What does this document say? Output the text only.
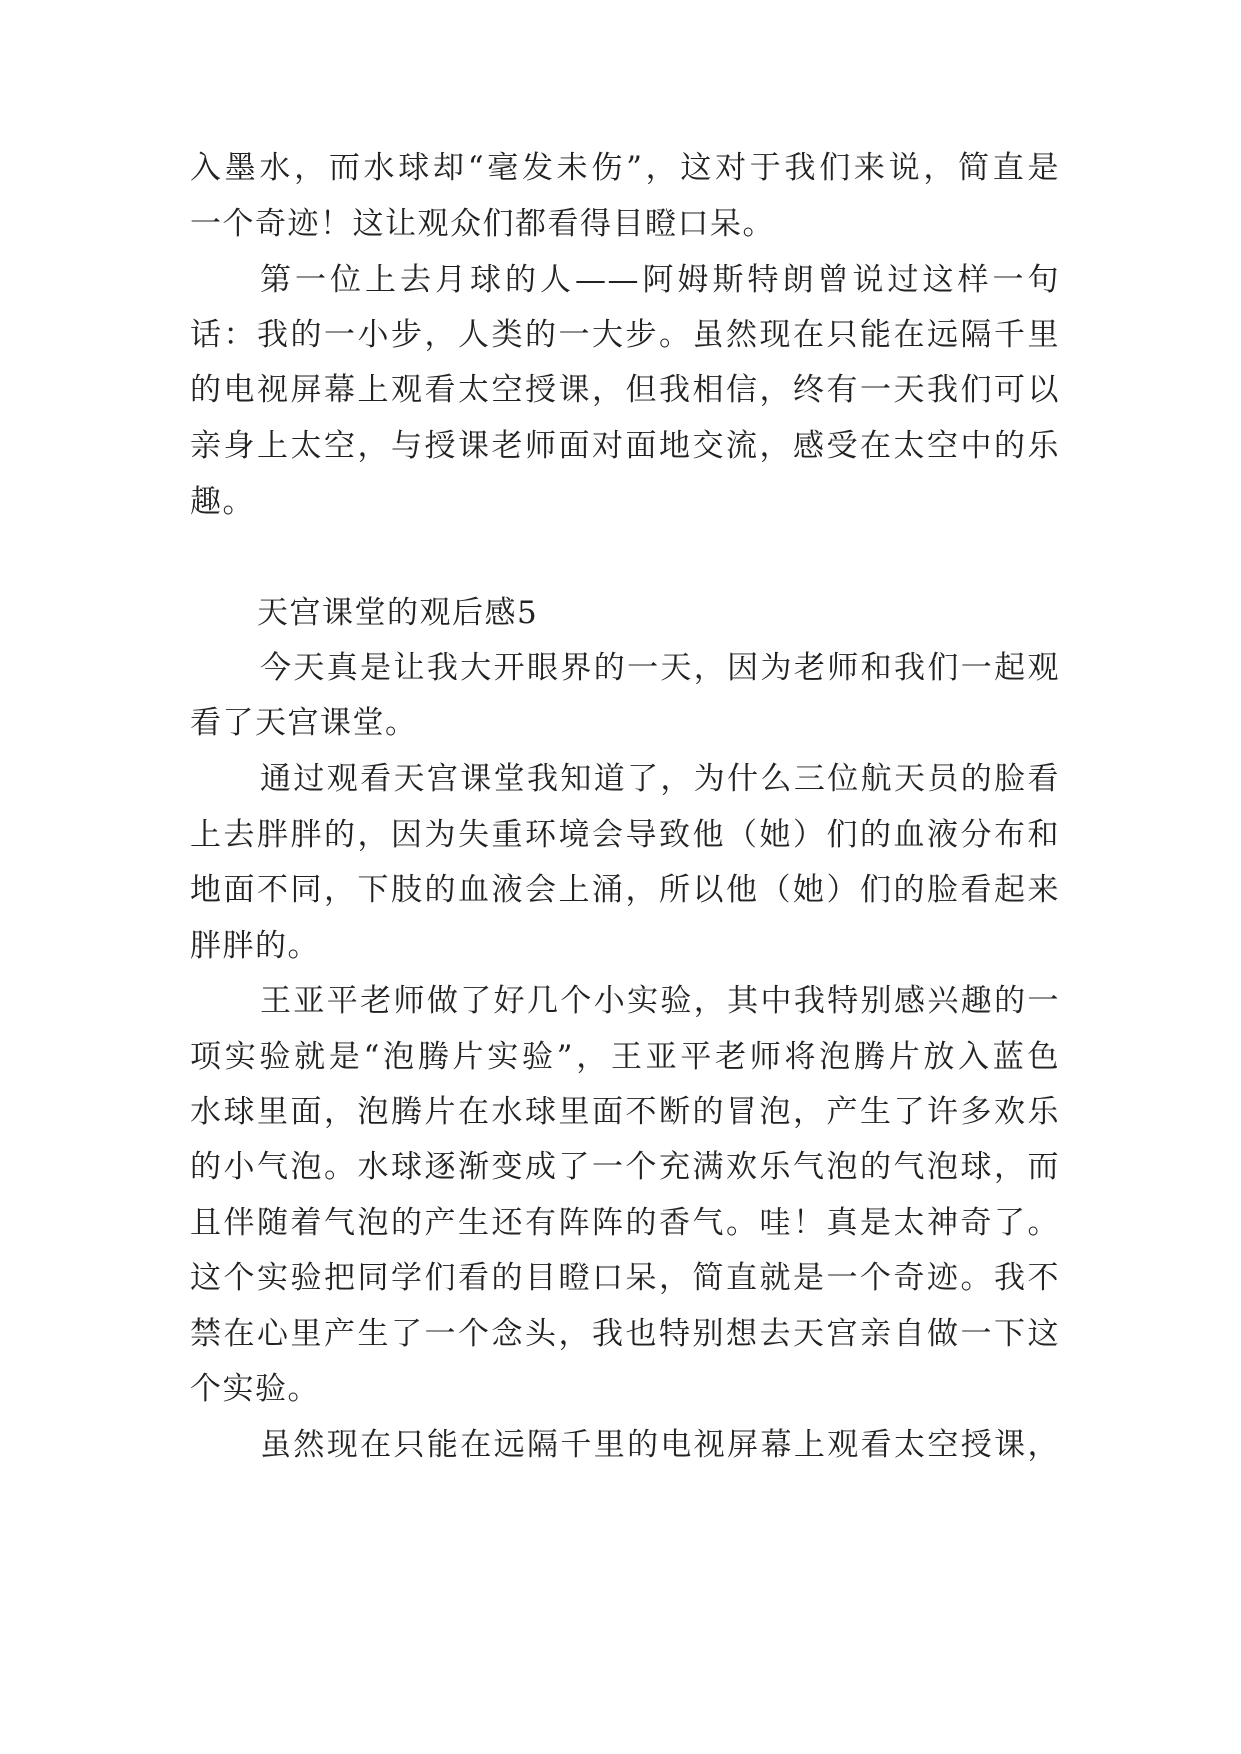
入墨水，而水球却“毫发未伤”，这对于我们来说，简直是
一个奇迹！这让观众们都看得目瞪口呆。
第一位上去月球的人——阿姆斯特朗曾说过这样一句
话：我的一小步，人类的一大步。虽然现在只能在远隔千里
的电视屏幕上观看太空授课，但我相信，终有一天我们可以
亲身上太空，与授课老师面对面地交流，感受在太空中的乐
趣。
天宫课堂的观后感5
今天真是让我大开眼界的一天，因为老师和我们一起观
看了天宫课堂。
通过观看天宫课堂我知道了，为什么三位航天员的脸看
上去胖胖的，因为失重环境会导致他（她）们的血液分布和
地面不同，下肢的血液会上涌，所以他（她）们的脸看起来
胖胖的。
王亚平老师做了好几个小实验，其中我特别感兴趣的一
项实验就是“泡腾片实验”，王亚平老师将泡腾片放入蓝色
水球里面，泡腾片在水球里面不断的冒泡，产生了许多欢乐
的小气泡。水球逐渐变成了一个充满欢乐气泡的气泡球，而
且伴随着气泡的产生还有阵阵的香气。哇！真是太神奇了。
这个实验把同学们看的目瞪口呆，简直就是一个奇迹。我不
禁在心里产生了一个念头，我也特别想去天宫亲自做一下这
个实验。
虽然现在只能在远隔千里的电视屏幕上观看太空授课，
